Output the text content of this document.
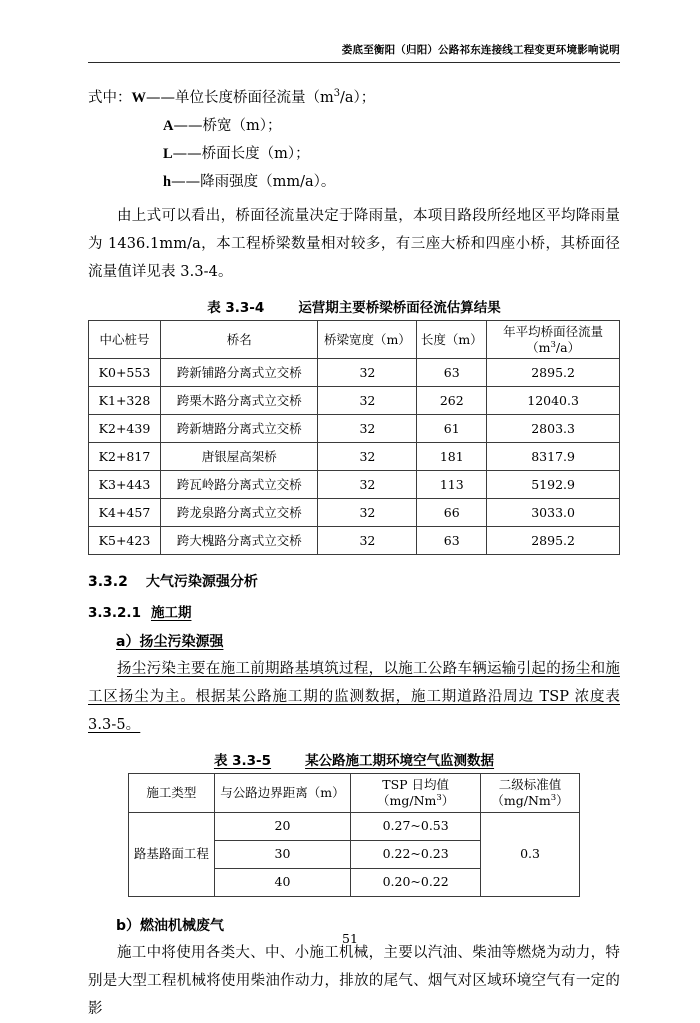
娄底至衡阳（归阳）公路祁东连接线工程变更环境影响说明
式中：W——单位长度桥面径流量$(m^3/a)$；
A——桥宽（m）；
L——桥面长度（m）；
h——降雨强度（mm/a）。

由上式可以看出，桥面径流量决定于降雨量，本项目路段所经地区平均降雨量为 1436.1mm/a，本工程桥梁数量相对较多，有三座大桥和四座小桥，其桥面径流量值详见表 3.3-4。

表 3.3-4	运营期主要桥梁桥面径流估算结果
中心桩号	桥名	桥梁宽度（m）	长度（m）	年平均桥面径流量$(m^3/a)$
K0+553	跨新铺路分离式立交桥	32	63	2895.2
K1+328	跨栗木路分离式立交桥	32	262	12040.3
K2+439	跨新塘路分离式立交桥	32	61	2803.3
K2+817	唐银屋高架桥	32	181	8317.9
K3+443	跨瓦岭路分离式立交桥	32	113	5192.9
K4+457	跨龙泉路分离式立交桥	32	66	3033.0
K5+423	跨大槐路分离式立交桥	32	63	2895.2
3.3.2 大气污染源强分析
3.3.2.1 施工期
a）扬尘污染源强

扬尘污染主要在施工前期路基填筑过程，以施工公路车辆运输引起的扬尘和施工区扬尘为主。根据某公路施工期的监测数据，施工期道路沿周边 TSP 浓度表 3.3-5。

表 3.3-5	某公路施工期环境空气监测数据
施工类型	与公路边界距离（m）	TSP 日均值（mg/Nm$^3$）	二级标准值（mg/Nm$^3$）
路基路面工程	20	0.27~0.53	0.3
	30	0.22~0.23	
	40	0.20~0.22	
b）燃油机械废气

施工中将使用各类大、中、小施工机械，主要以汽油、柴油等燃烧为动力，特别是大型工程机械将使用柴油作动力，排放的尾气、烟气对区域环境空气有一定的影

51
